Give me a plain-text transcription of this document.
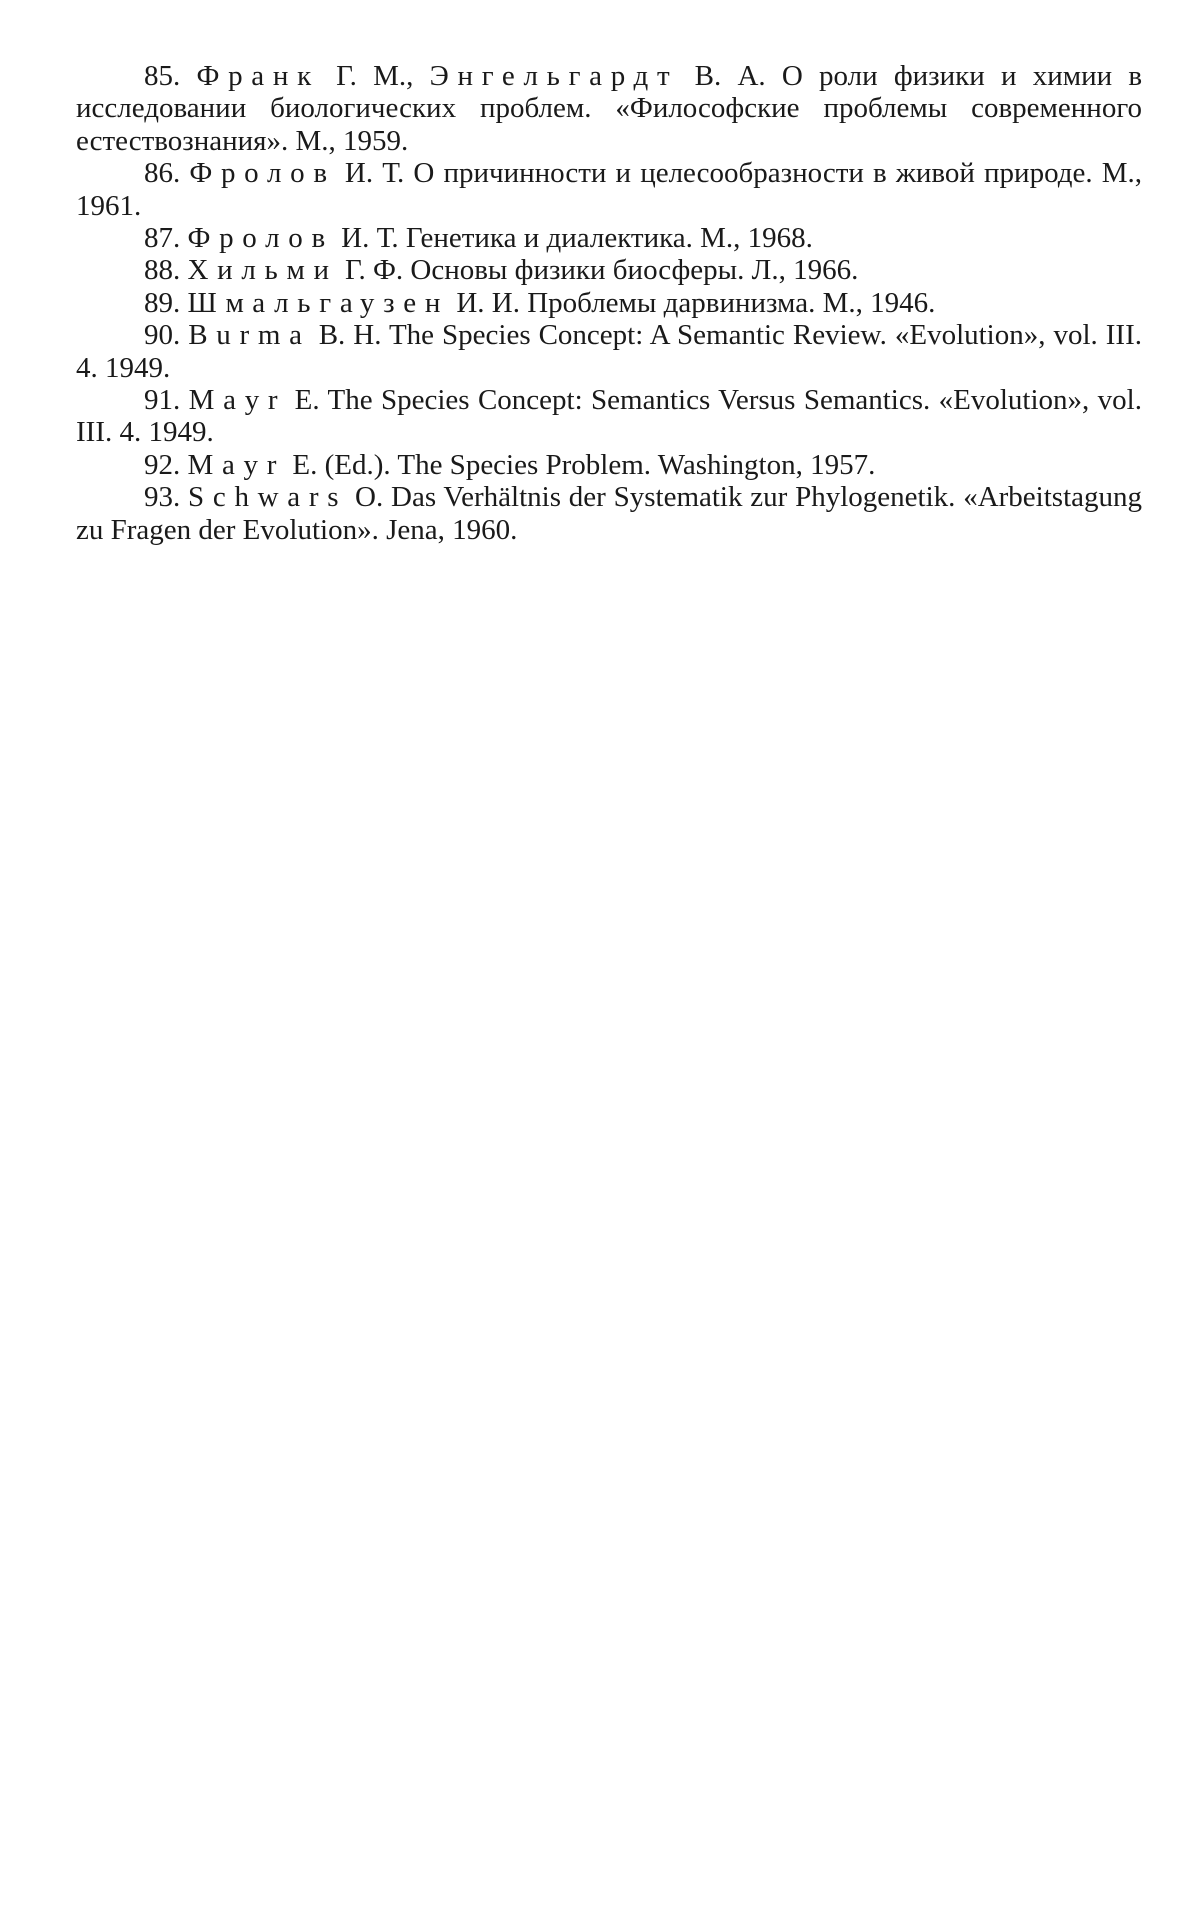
85. Франк Г. М., Энгельгардт В. А. О роли физики и химии в исследовании биологических проблем. «Философские проблемы современного естествознания». М., 1959.

86. Фролов И. Т. О причинности и целесообразности в живой природе. М., 1961.

87. Фролов И. Т. Генетика и диалектика. М., 1968.

88. Хильми Г. Ф. Основы физики биосферы. Л., 1966.

89. Шмальгаузен И. И. Проблемы дарвинизма. М., 1946.

90. Burma B. H. The Species Concept: A Semantic Review. «Evolution», vol. III. 4. 1949.

91. Mayr E. The Species Concept: Semantics Versus Semantics. «Evolution», vol. III. 4. 1949.

92. Mayr E. (Ed.). The Species Problem. Washington, 1957.

93. Schwars O. Das Verhältnis der Systematik zur Phylogenetik. «Arbeitstagung zu Fragen der Evolution». Jena, 1960.
